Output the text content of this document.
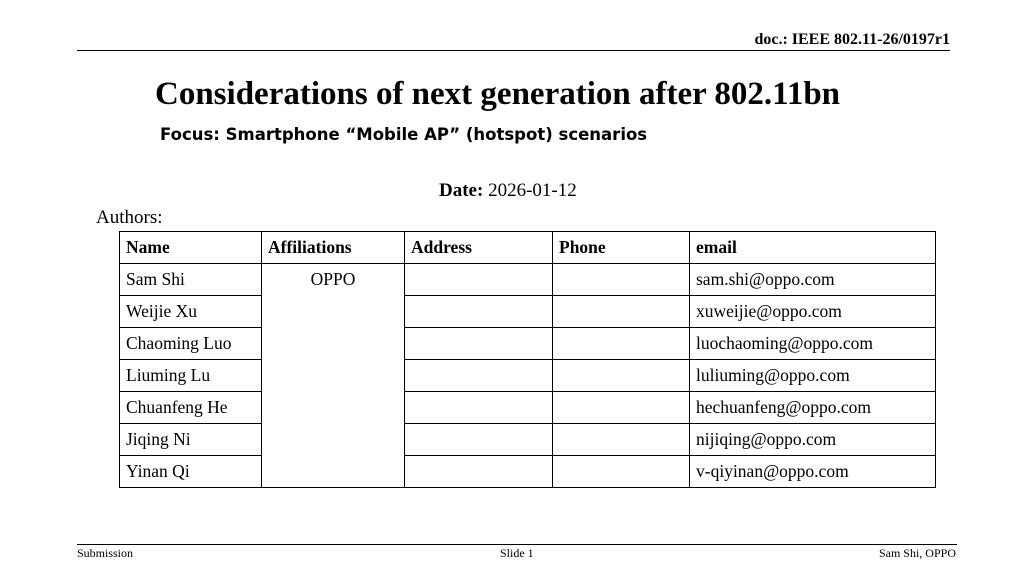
doc.: IEEE 802.11-26/0197r1
Considerations of next generation after 802.11bn
Focus: Smartphone “Mobile AP” (hotspot) scenarios
Date: 2026-01-12
Authors:
Name	Affiliations	Address	Phone	email
Sam Shi	OPPO			sam.shi@oppo.com
Weijie Xu				xuweijie@oppo.com
Chaoming Luo				luochaoming@oppo.com
Liuming Lu				luliuming@oppo.com
Chuanfeng He				hechuanfeng@oppo.com
Jiqing Ni				nijiqing@oppo.com
Yinan Qi				v-qiyinan@oppo.com
Submission	Slide 1	Sam Shi, OPPO
